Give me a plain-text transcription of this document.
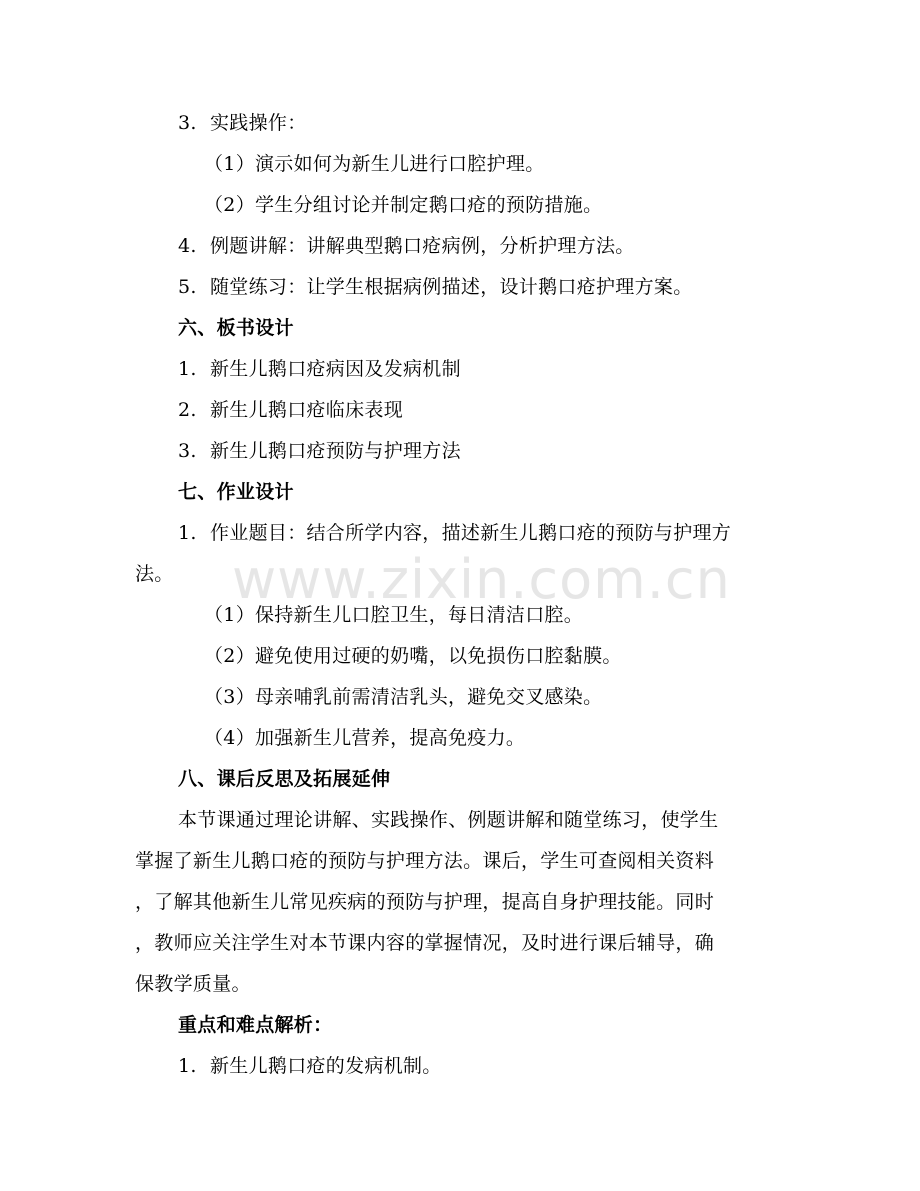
www.zixin.com.cn

3. 实践操作：

（1）演示如何为新生儿进行口腔护理。

（2）学生分组讨论并制定鹅口疮的预防措施。

4. 例题讲解：讲解典型鹅口疮病例，分析护理方法。

5. 随堂练习：让学生根据病例描述，设计鹅口疮护理方案。

六、板书设计

1. 新生儿鹅口疮病因及发病机制

2. 新生儿鹅口疮临床表现

3. 新生儿鹅口疮预防与护理方法

七、作业设计

1. 作业题目：结合所学内容，描述新生儿鹅口疮的预防与护理方

法。

（1）保持新生儿口腔卫生，每日清洁口腔。

（2）避免使用过硬的奶嘴，以免损伤口腔黏膜。

（3）母亲哺乳前需清洁乳头，避免交叉感染。

（4）加强新生儿营养，提高免疫力。

八、课后反思及拓展延伸

本节课通过理论讲解、实践操作、例题讲解和随堂练习，使学生

掌握了新生儿鹅口疮的预防与护理方法。课后，学生可查阅相关资料

，了解其他新生儿常见疾病的预防与护理，提高自身护理技能。同时

，教师应关注学生对本节课内容的掌握情况，及时进行课后辅导，确

保教学质量。

重点和难点解析：

1. 新生儿鹅口疮的发病机制。
